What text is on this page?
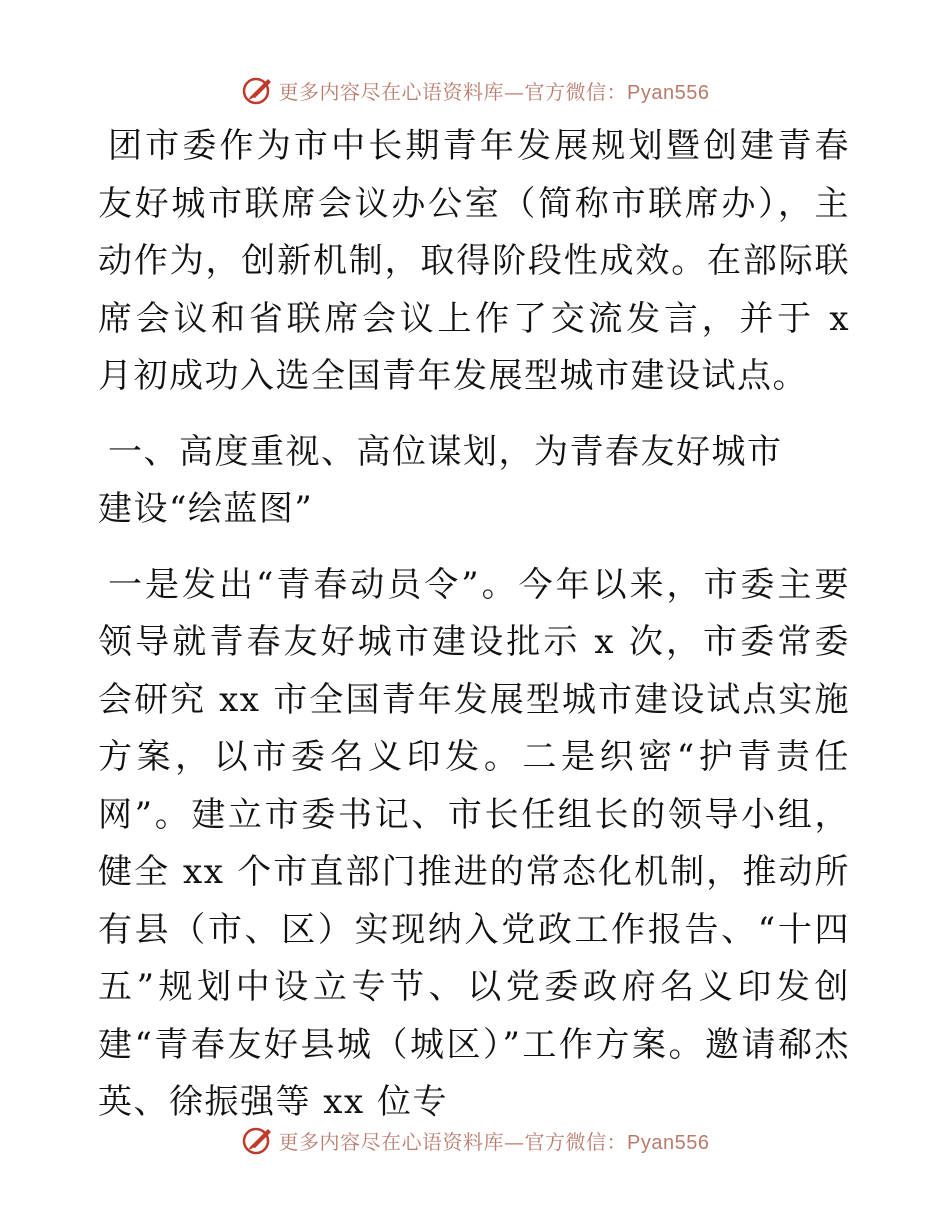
更多内容尽在心语资料库—官方微信：Pyan556

团市委作为市中长期青年发展规划暨创建青春友好城市联席会议办公室（简称市联席办），主动作为，创新机制，取得阶段性成效。在部际联席会议和省联席会议上作了交流发言，并于 x 月初成功入选全国青年发展型城市建设试点。

一、高度重视、高位谋划，为青春友好城市建设“绘蓝图”

一是发出“青春动员令”。今年以来，市委主要领导就青春友好城市建设批示 x 次，市委常委会研究 xx 市全国青年发展型城市建设试点实施方案，以市委名义印发。二是织密“护青责任网”。建立市委书记、市长任组长的领导小组，健全 xx 个市直部门推进的常态化机制，推动所有县（市、区）实现纳入党政工作报告、“十四五”规划中设立专节、以党委政府名义印发创建“青春友好县城（城区）”工作方案。邀请郗杰英、徐振强等 xx 位专

更多内容尽在心语资料库—官方微信：Pyan556
